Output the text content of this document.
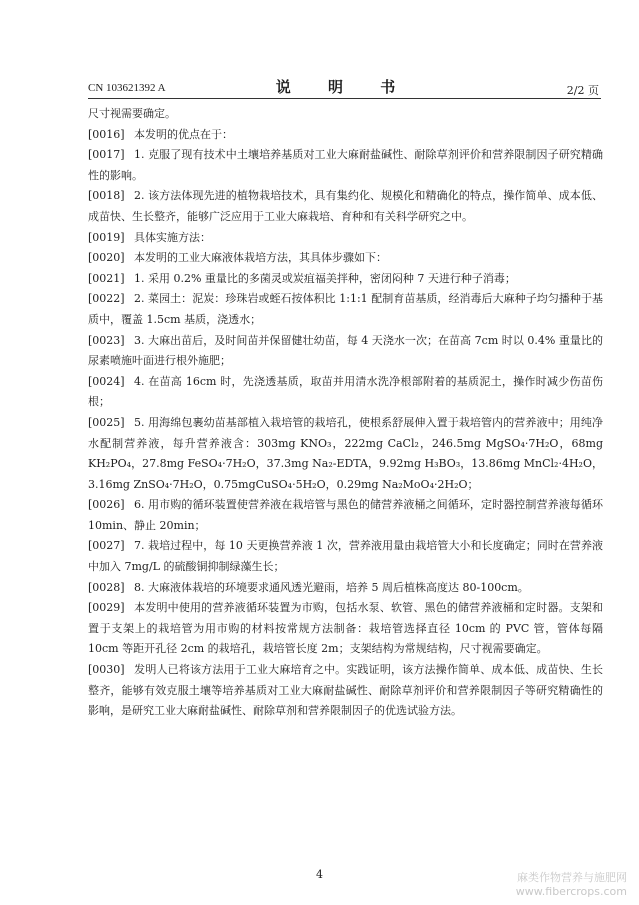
CN 103621392 A	说 明 书	2/2 页

尺寸视需要确定。

[0016] 本发明的优点在于：

[0017] 1. 克服了现有技术中土壤培养基质对工业大麻耐盐碱性、耐除草剂评价和营养限制因子研究精确性的影响。

[0018] 2. 该方法体现先进的植物栽培技术，具有集约化、规模化和精确化的特点，操作简单、成本低、成苗快、生长整齐，能够广泛应用于工业大麻栽培、育种和有关科学研究之中。

[0019] 具体实施方法：

[0020] 本发明的工业大麻液体栽培方法，其具体步骤如下：

[0021] 1. 采用 0.2% 重量比的多菌灵或炭疽福美拌种，密闭闷种 7 天进行种子消毒；

[0022] 2. 菜园土：泥炭：珍珠岩或蛭石按体积比 1:1:1 配制育苗基质，经消毒后大麻种子均匀播种于基质中，覆盖 1.5cm 基质，浇透水；

[0023] 3. 大麻出苗后，及时间苗并保留健壮幼苗，每 4 天浇水一次；在苗高 7cm 时以 0.4% 重量比的尿素喷施叶面进行根外施肥；

[0024] 4. 在苗高 16cm 时，先浇透基质，取苗并用清水洗净根部附着的基质泥土，操作时减少伤苗伤根；

[0025] 5. 用海绵包裹幼苗基部植入栽培管的栽培孔，使根系舒展伸入置于栽培管内的营养液中；用纯净水配制营养液，每升营养液含：303mg KNO₃，222mg CaCl₂，246.5mg MgSO₄·7H₂O，68mg KH₂PO₄，27.8mg FeSO₄·7H₂O，37.3mg Na₂-EDTA，9.92mg H₃BO₃，13.86mg MnCl₂·4H₂O，3.16mg ZnSO₄·7H₂O，0.75mgCuSO₄·5H₂O，0.29mg Na₂MoO₄·2H₂O；

[0026] 6. 用市购的循环装置使营养液在栽培管与黑色的储营养液桶之间循环，定时器控制营养液每循环 10min、静止 20min；

[0027] 7. 栽培过程中，每 10 天更换营养液 1 次，营养液用量由栽培管大小和长度确定；同时在营养液中加入 7mg/L 的硫酸铜抑制绿藻生长；

[0028] 8. 大麻液体栽培的环境要求通风透光避雨，培养 5 周后植株高度达 80-100cm。

[0029] 本发明中使用的营养液循环装置为市购，包括水泵、软管、黑色的储营养液桶和定时器。支架和置于支架上的栽培管为用市购的材料按常规方法制备：栽培管选择直径 10cm 的 PVC 管，管体每隔 10cm 等距开孔径 2cm 的栽培孔，栽培管长度 2m；支架结构为常规结构，尺寸视需要确定。

[0030] 发明人已将该方法用于工业大麻培育之中。实践证明，该方法操作简单、成本低、成苗快、生长整齐，能够有效克服土壤等培养基质对工业大麻耐盐碱性、耐除草剂评价和营养限制因子等研究精确性的影响，是研究工业大麻耐盐碱性、耐除草剂和营养限制因子的优选试验方法。

4	麻类作物营养与施肥网
www.fibercrops.com
